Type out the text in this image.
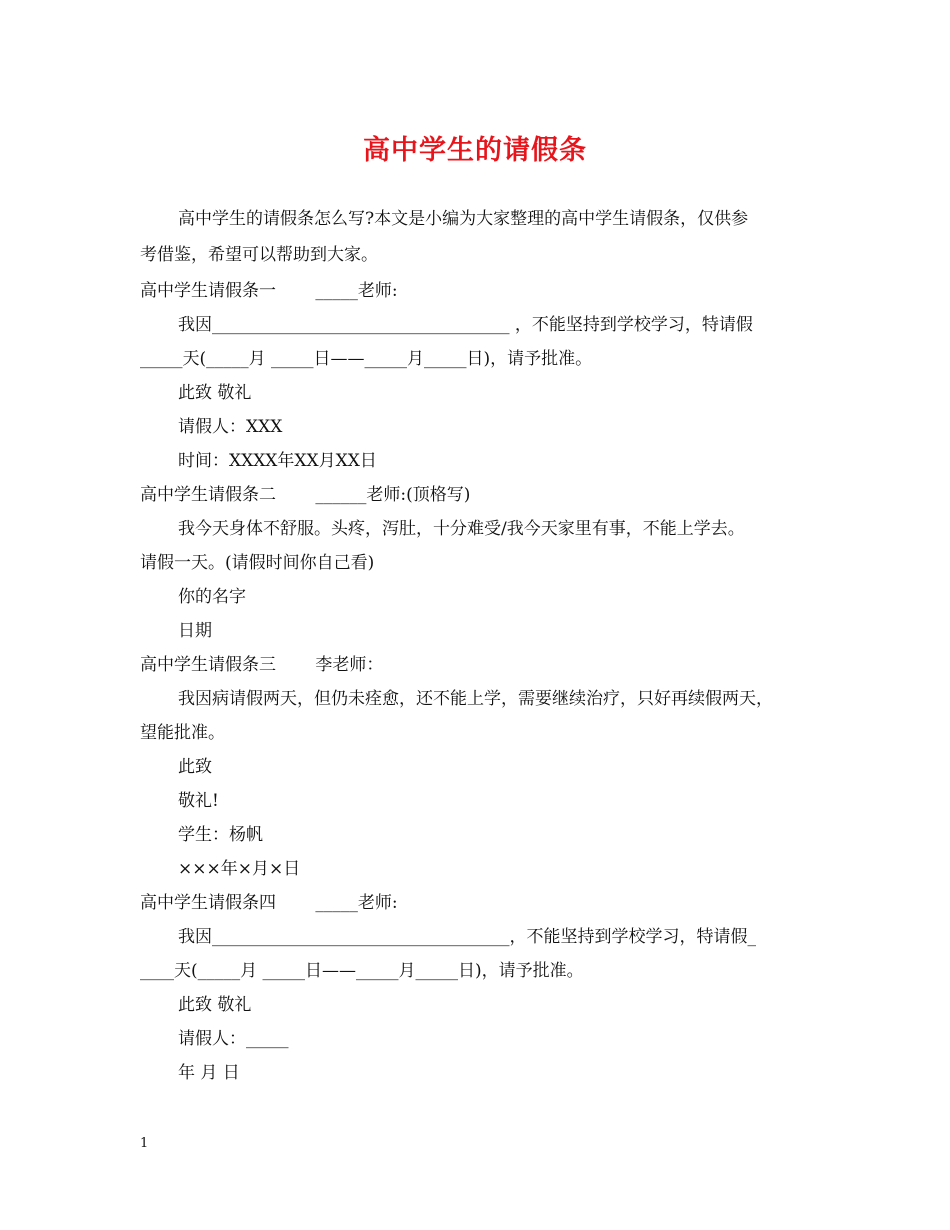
高中学生的请假条
高中学生的请假条怎么写?本文是小编为大家整理的高中学生请假条，仅供参
考借鉴，希望可以帮助到大家。
高中学生请假条一　　 _____老师:
我因___________________________________ ，不能坚持到学校学习，特请假
_____天(_____月 _____日——_____月_____日)，请予批准。
此致 敬礼
请假人：XXX
时间：XXXX年XX月XX日
高中学生请假条二　　 ______老师:(顶格写)
我今天身体不舒服。头疼，泻肚，十分难受/我今天家里有事，不能上学去。
请假一天。(请假时间你自己看)
你的名字
日期
高中学生请假条三　　 李老师：
我因病请假两天，但仍未痊愈，还不能上学，需要继续治疗，只好再续假两天，
望能批准。
此致
敬礼!
学生：杨帆
×××年×月×日
高中学生请假条四　　 _____老师:
我因___________________________________，不能坚持到学校学习，特请假_
____天(_____月 _____日——_____月_____日)，请予批准。
此致 敬礼
请假人：_____
年 月 日
1
